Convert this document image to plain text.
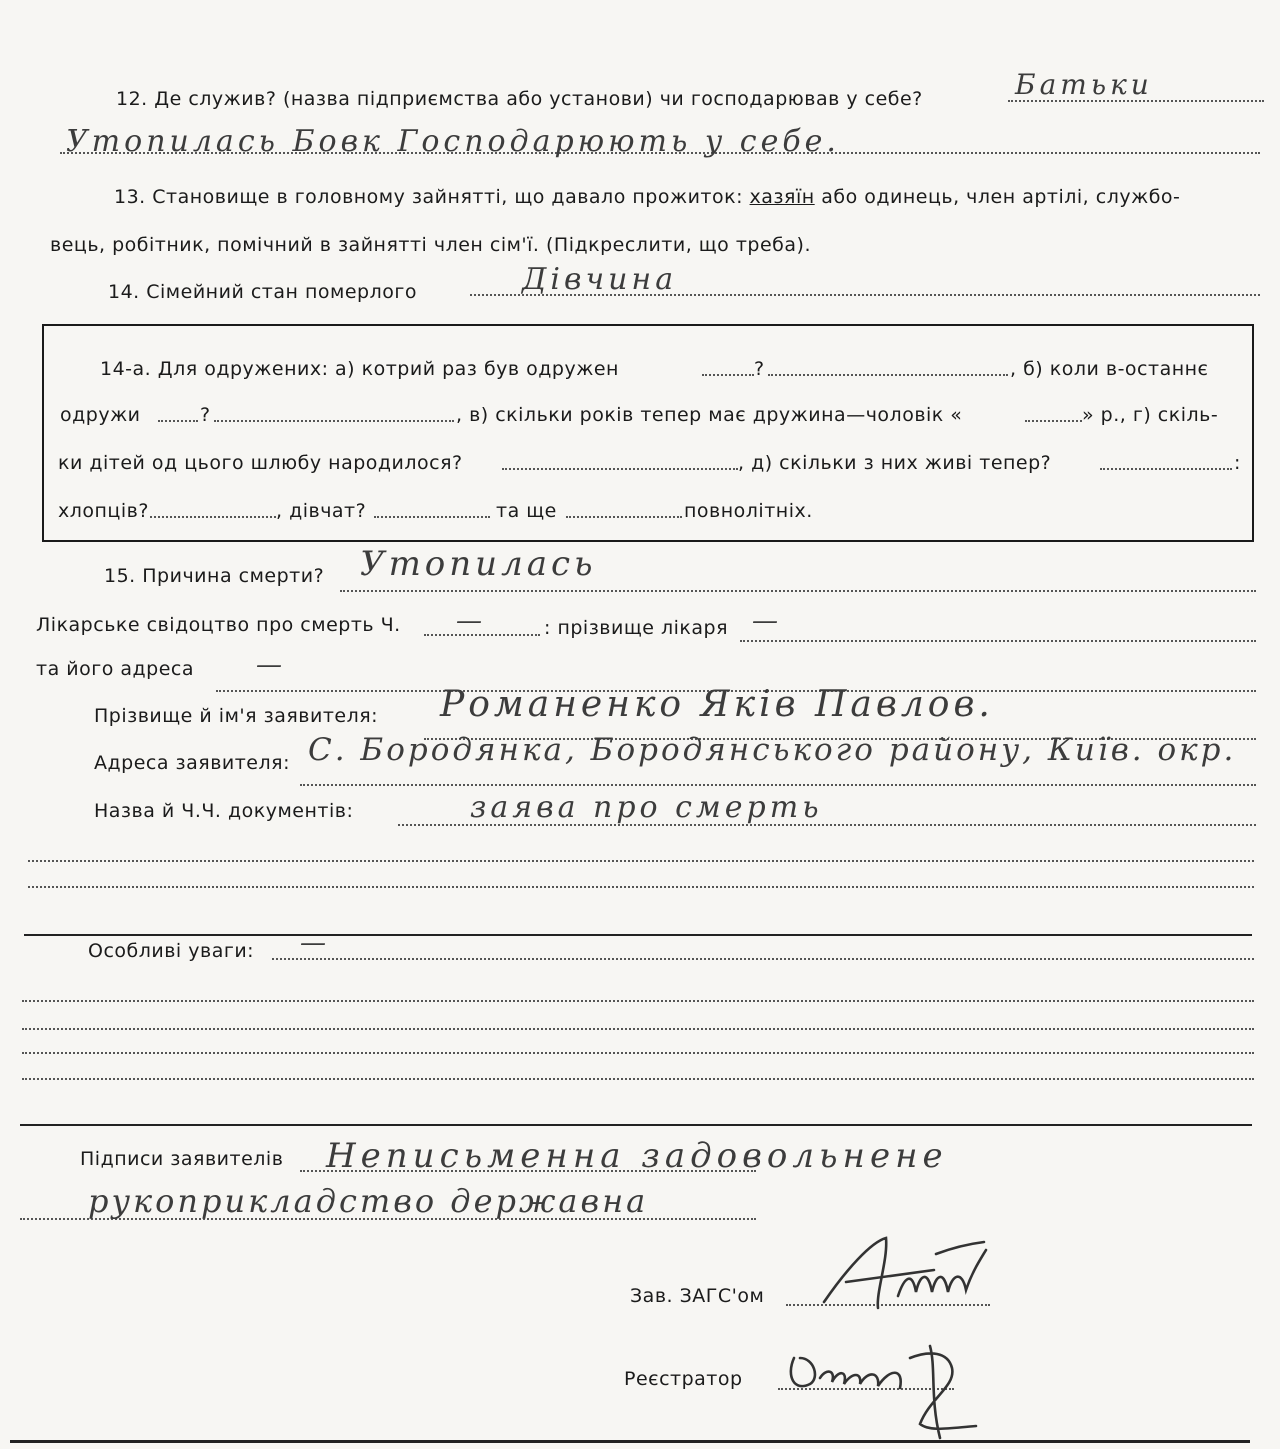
12. Де служив? (назва підприємства або установи) чи господарював у себе?	Батьки
Утопилась Бовк Господарюють у себе.
13. Становище в головному зайнятті, що давало прожиток: хазяїн або одинець, член артілі, службо-
вець, робітник, помічний в зайнятті член сім'ї. (Підкреслити, що треба).
14. Сімейний стан померлого	Дівчина
14-а. Для одружених: а) котрий раз був одружен	?	, б) коли в-останнє
одружи	?	, в) скільки років тепер має дружина—чоловік «	» р., г) скіль-
ки дітей од цього шлюбу народилося?	, д) скільки з них живі тепер?	:
хлопців?	, дівчат?	та ще	повнолітніх.
15. Причина смерти? Утопилась
Лікарське свідоцтво про смерть Ч. —	: прізвище лікаря —
та його адреса —
Прізвище й ім'я заявителя: Романенко Яків Павлов.
Адреса заявителя: С. Бородянка, Бородянського району, Київ. окр.
Назва й Ч.Ч. документів:	заява про смерть
Особливі уваги: —
Підписи заявителів Неписьменна задовольнене
рукоприкладство державна
Зав. ЗАГС'ом
Реєстратор
